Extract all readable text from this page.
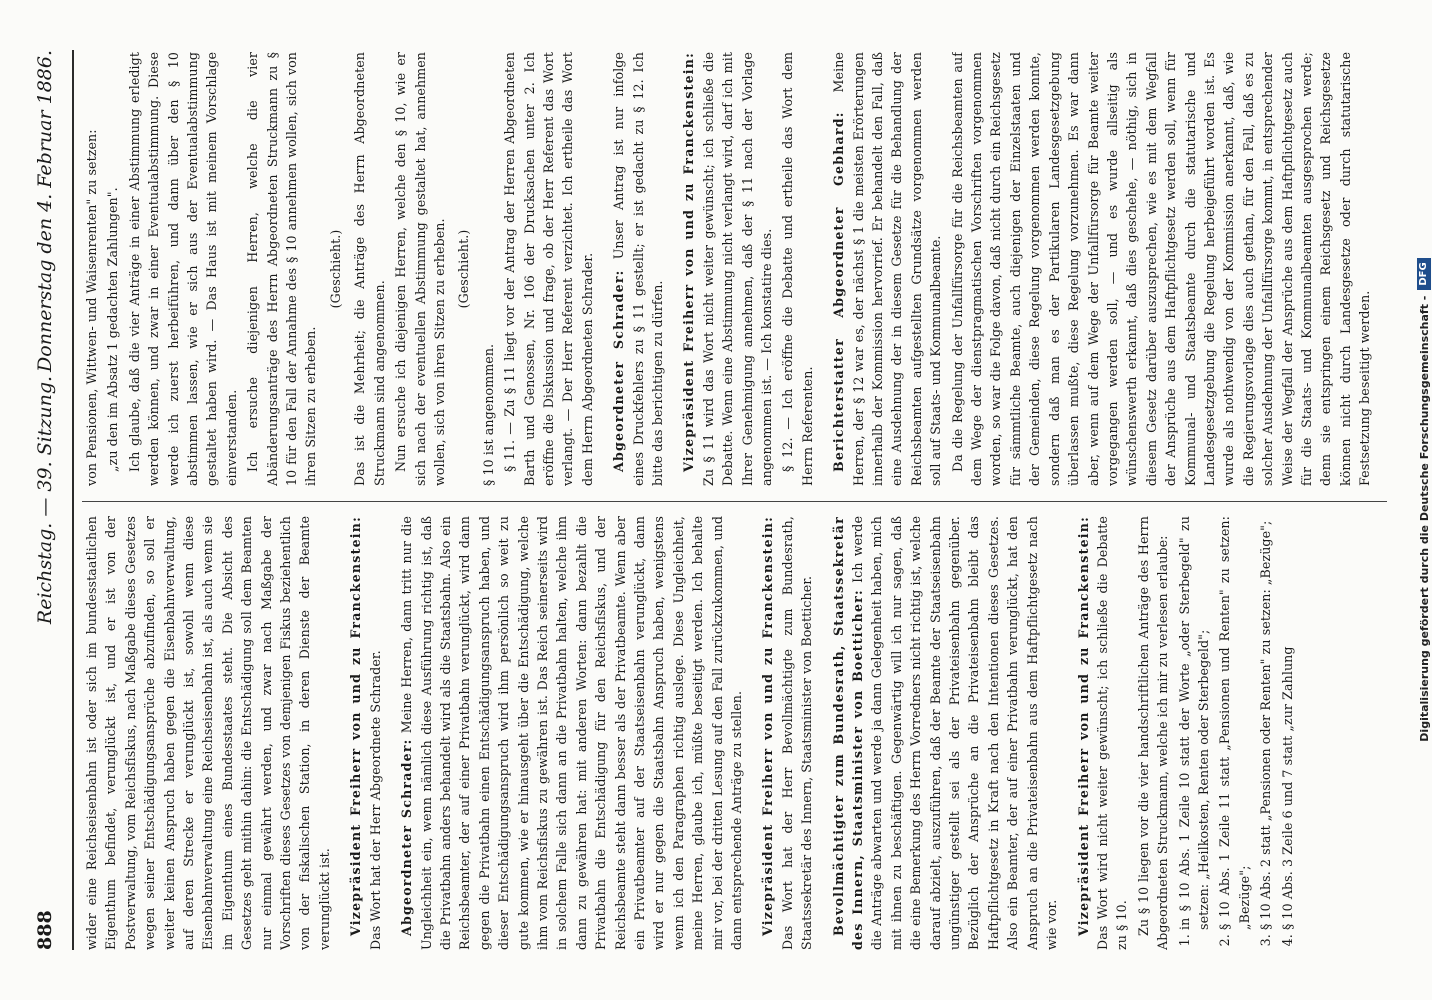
888
Reichstag. — 39. Sitzung.
Donnerstag den 4. Februar 1886.

wider eine Reichseisenbahn ist oder sich im bundesstaatlichen Eigenthum befindet, verunglückt ist, und er ist von der Postverwaltung, vom Reichsfiskus, nach Maßgabe dieses Gesetzes wegen seiner Entschädigungsansprüche abzufinden, so soll er weiter keinen Anspruch haben gegen die Eisenbahnverwaltung, auf deren Strecke er verunglückt ist, sowohl wenn diese Eisenbahnverwaltung eine Reichseisenbahn ist, als auch wenn sie im Eigenthum eines Bundesstaates steht. Die Absicht des Gesetzes geht mithin dahin: die Entschädigung soll dem Beamten nur einmal gewährt werden, und zwar nach Maßgabe der Vorschriften dieses Gesetzes von demjenigen Fiskus beziehentlich von der fiskalischen Station, in deren Dienste der Beamte verunglückt ist. Vizepräsident Freiherr von und zu Franckenstein: Das Wort hat der Herr Abgeordnete Schrader. Abgeordneter Schrader: Meine Herren, dann tritt nur die Ungleichheit ein, wenn nämlich diese Ausführung richtig ist, daß die Privatbahn anders behandelt wird als die Staatsbahn. Also ein Reichsbeamter, der auf einer Privatbahn verunglückt, wird dann gegen die Privatbahn einen Entschädigungsanspruch haben, und dieser Entschädigungsanspruch wird ihm persönlich so weit zu gute kommen, wie er hinausgeht über die Entschädigung, welche ihm vom Reichsfiskus zu gewähren ist. Das Reich seinerseits wird in solchem Falle sich dann an die Privatbahn halten, welche ihm dann zu gewähren hat: mit anderen Worten: dann bezahlt die Privatbahn die Entschädigung für den Reichsfiskus, und der Reichsbeamte steht dann besser als der Privatbeamte. Wenn aber ein Privatbeamter auf der Staatseisenbahn verunglückt, dann wird er nur gegen die Staatsbahn Anspruch haben, wenigstens wenn ich den Paragraphen richtig auslege. Diese Ungleichheit, meine Herren, glaube ich, müßte beseitigt werden. Ich behalte mir vor, bei der dritten Lesung auf den Fall zurückzukommen, und dann entsprechende Anträge zu stellen. Vizepräsident Freiherr von und zu Franckenstein: Das Wort hat der Herr Bevollmächtigte zum Bundesrath, Staatssekretär des Innern, Staatsminister von Boetticher. Bevollmächtigter zum Bundesrath, Staatssekretär des Innern, Staatsminister von Boetticher: Ich werde die Anträge abwarten und werde ja dann Gelegenheit haben, mich mit ihnen zu beschäftigen. Gegenwärtig will ich nur sagen, daß die eine Bemerkung des Herrn Vorredners nicht richtig ist, welche darauf abzielt, auszuführen, daß der Beamte der Staatseisenbahn ungünstiger gestellt sei als der Privateisenbahn gegenüber. Bezüglich der Ansprüche an die Privateisenbahn bleibt das Haftpflichtgesetz in Kraft nach den Intentionen dieses Gesetzes. Also ein Beamter, der auf einer Privatbahn verunglückt, hat den Anspruch an die Privateisenbahn aus dem Haftpflichtgesetz nach wie vor. Vizepräsident Freiherr von und zu Franckenstein: Das Wort wird nicht weiter gewünscht; ich schließe die Debatte zu § 10. Zu § 10 liegen vor die vier handschriftlichen Anträge des Herrn Abgeordneten Struckmann, welche ich mir zu verlesen erlaube: 1. in § 10 Abs. 1 Zeile 10 statt der Worte „oder Sterbegeld" zu setzen: „Heilkosten, Renten oder Sterbegeld"; 2. § 10 Abs. 1 Zeile 11 statt „Pensionen und Renten" zu setzen: „Bezüge"; 3. § 10 Abs. 2 statt „Pensionen oder Renten" zu setzen: „Bezüge"; 4. § 10 Abs. 3 Zeile 6 und 7 statt „zur Zahlung

von Pensionen, Wittwen- und Waisenrenten" zu setzen: „zu den im Absatz 1 gedachten Zahlungen". Ich glaube, daß die vier Anträge in einer Abstimmung erledigt werden können, und zwar in einer Eventualabstimmung. Diese werde ich zuerst herbeiführen, und dann über den § 10 abstimmen lassen, wie er sich aus der Eventualabstimmung gestaltet haben wird. — Das Haus ist mit meinem Vorschlage einverstanden. Ich ersuche diejenigen Herren, welche die vier Abänderungsanträge des Herrn Abgeordneten Struckmann zu § 10 für den Fall der Annahme des § 10 annehmen wollen, sich von ihren Sitzen zu erheben.

(Geschieht.) Das ist die Mehrheit; die Anträge des Herrn Abgeordneten Struckmann sind angenommen. Nun ersuche ich diejenigen Herren, welche den § 10, wie er sich nach der eventuellen Abstimmung gestaltet hat, annehmen wollen, sich von ihren Sitzen zu erheben. (Geschieht.)

§ 10 ist angenommen. § 11. — Zu § 11 liegt vor der Antrag der Herren Abgeordneten Barth und Genossen, Nr. 106 der Drucksachen unter 2. Ich eröffne die Diskussion und frage, ob der Herr Referent das Wort verlangt. — Der Herr Referent verzichtet. Ich ertheile das Wort dem Herrn Abgeordneten Schrader. Abgeordneter Schrader: Unser Antrag ist nur infolge eines Druckfehlers zu § 11 gestellt; er ist gedacht zu § 12. Ich bitte das berichtigen zu dürfen. Vizepräsident Freiherr von und zu Franckenstein: Zu § 11 wird das Wort nicht weiter gewünscht; ich schließe die Debatte. Wenn eine Abstimmung nicht verlangt wird, darf ich mit Ihrer Genehmigung annehmen, daß der § 11 nach der Vorlage angenommen ist. — Ich konstatire dies. § 12. — Ich eröffne die Debatte und ertheile das Wort dem Herrn Referenten. Berichterstatter Abgeordneter Gebhard: Meine Herren, der § 12 war es, der nächst § 1 die meisten Erörterungen innerhalb der Kommission hervorrief. Er behandelt den Fall, daß eine Ausdehnung der in diesem Gesetze für die Behandlung der Reichsbeamten aufgestellten Grundsätze vorgenommen werden soll auf Staats- und Kommunalbeamte. Da die Regelung der Unfallfürsorge für die Reichsbeamten auf dem Wege der dienstpragmatischen Vorschriften vorgenommen worden, so war die Folge davon, daß nicht durch ein Reichsgesetz für sämmtliche Beamte, auch diejenigen der Einzelstaaten und der Gemeinden, diese Regelung vorgenommen werden konnte, sondern daß man es der Partikularen Landesgesetzgebung überlassen mußte, diese Regelung vorzunehmen. Es war dann aber, wenn auf dem Wege der Unfallfürsorge für Beamte weiter vorgegangen werden soll, — und es wurde allseitig als wünschenswerth erkannt, daß dies geschehe, — nöthig, sich in diesem Gesetz darüber auszusprechen, wie es mit dem Wegfall der Ansprüche aus dem Haftpflichtgesetz werden soll, wenn für Kommunal- und Staatsbeamte durch die statutarische und Landesgesetzgebung die Regelung herbeigeführt worden ist. Es wurde als nothwendig von der Kommission anerkannt, daß, wie die Regierungsvorlage dies auch gethan, für den Fall, daß es zu solcher Ausdehnung der Unfallfürsorge kommt, in entsprechender Weise der Wegfall der Ansprüche aus dem Haftpflichtgesetz auch für die Staats- und Kommunalbeamten ausgesprochen werde; denn sie entspringen einem Reichsgesetz und Reichsgesetze können nicht durch Landesgesetze oder durch statutarische Festsetzung beseitigt werden.	Digitalisierung gefördert durch die Deutsche Forschungsgemeinschaft -
DFG
